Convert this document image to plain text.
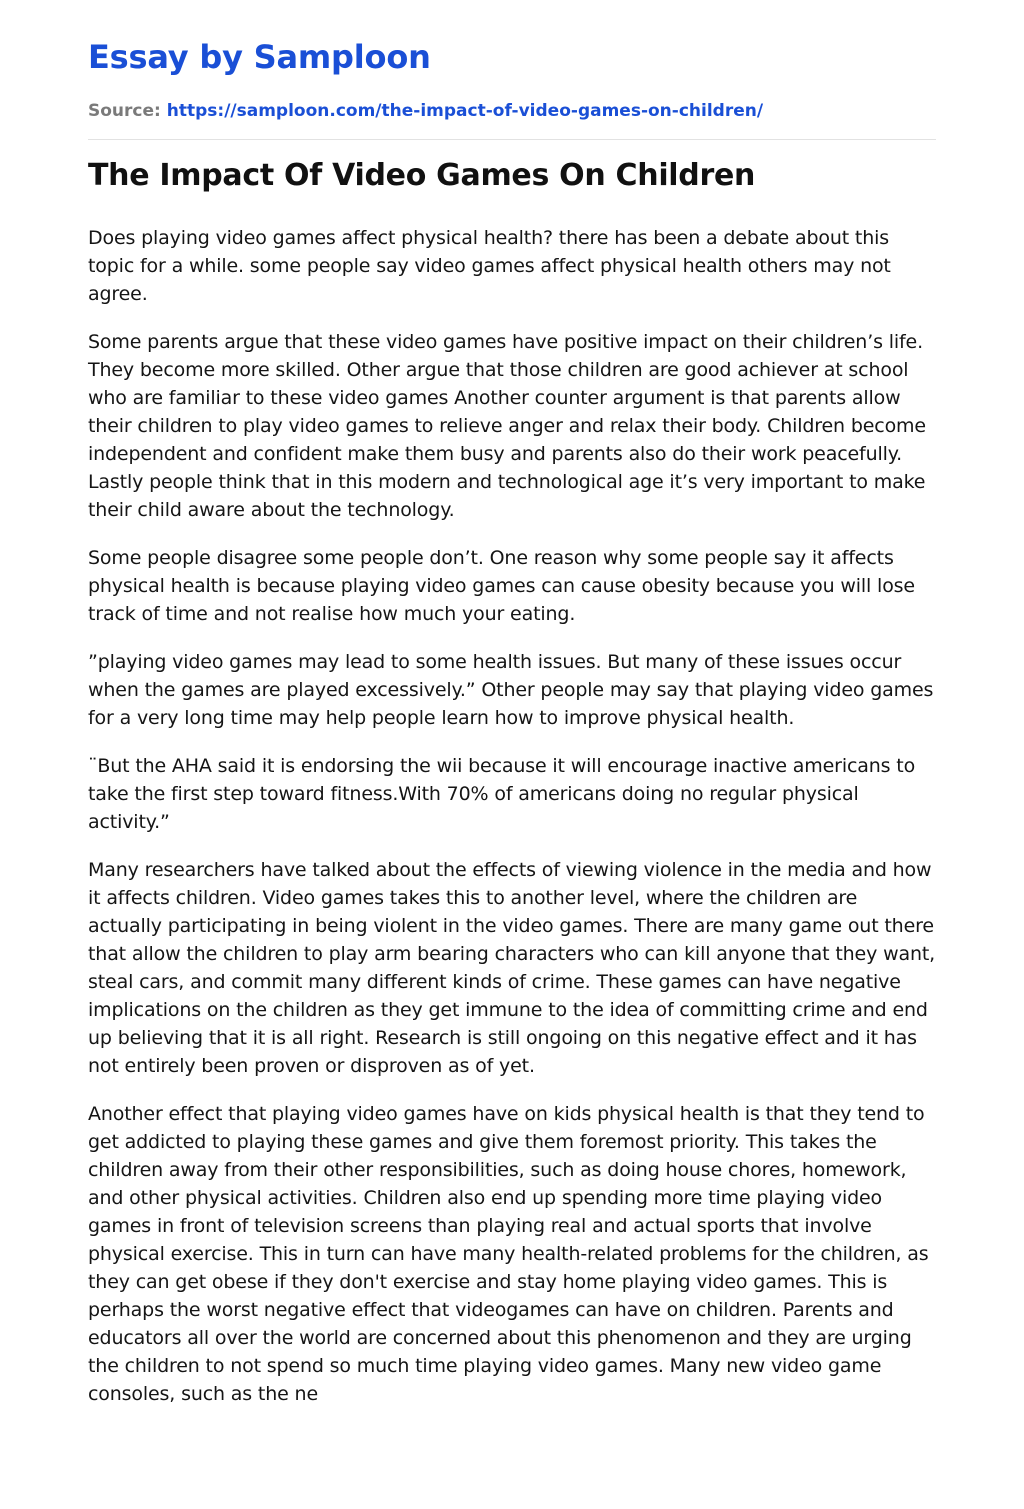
Essay by Samploon
Source: https://samploon.com/the-impact-of-video-games-on-children/
The Impact Of Video Games On Children

Does playing video games affect physical health? there has been a debate about this topic for a while. some people say video games affect physical health others may not agree.

Some parents argue that these video games have positive impact on their children’s life. They become more skilled. Other argue that those children are good achiever at school who are familiar to these video games Another counter argument is that parents allow their children to play video games to relieve anger and relax their body. Children become independent and confident make them busy and parents also do their work peacefully. Lastly people think that in this modern and technological age it’s very important to make their child aware about the technology.

Some people disagree some people don’t. One reason why some people say it affects physical health is because playing video games can cause obesity because you will lose track of time and not realise how much your eating.

”playing video games may lead to some health issues. But many of these issues occur when the games are played excessively.” Other people may say that playing video games for a very long time may help people learn how to improve physical health.

¨But the AHA said it is endorsing the wii because it will encourage inactive americans to take the first step toward fitness.With 70% of americans doing no regular physical activity.”

Many researchers have talked about the effects of viewing violence in the media and how it affects children. Video games takes this to another level, where the children are actually participating in being violent in the video games. There are many game out there that allow the children to play arm bearing characters who can kill anyone that they want, steal cars, and commit many different kinds of crime. These games can have negative implications on the children as they get immune to the idea of committing crime and end up believing that it is all right. Research is still ongoing on this negative effect and it has not entirely been proven or disproven as of yet.

Another effect that playing video games have on kids physical health is that they tend to get addicted to playing these games and give them foremost priority. This takes the children away from their other responsibilities, such as doing house chores, homework, and other physical activities. Children also end up spending more time playing video games in front of television screens than playing real and actual sports that involve physical exercise. This in turn can have many health-related problems for the children, as they can get obese if they don't exercise and stay home playing video games. This is perhaps the worst negative effect that videogames can have on children. Parents and educators all over the world are concerned about this phenomenon and they are urging the children to not spend so much time playing video games. Many new video game consoles, such as the ne
